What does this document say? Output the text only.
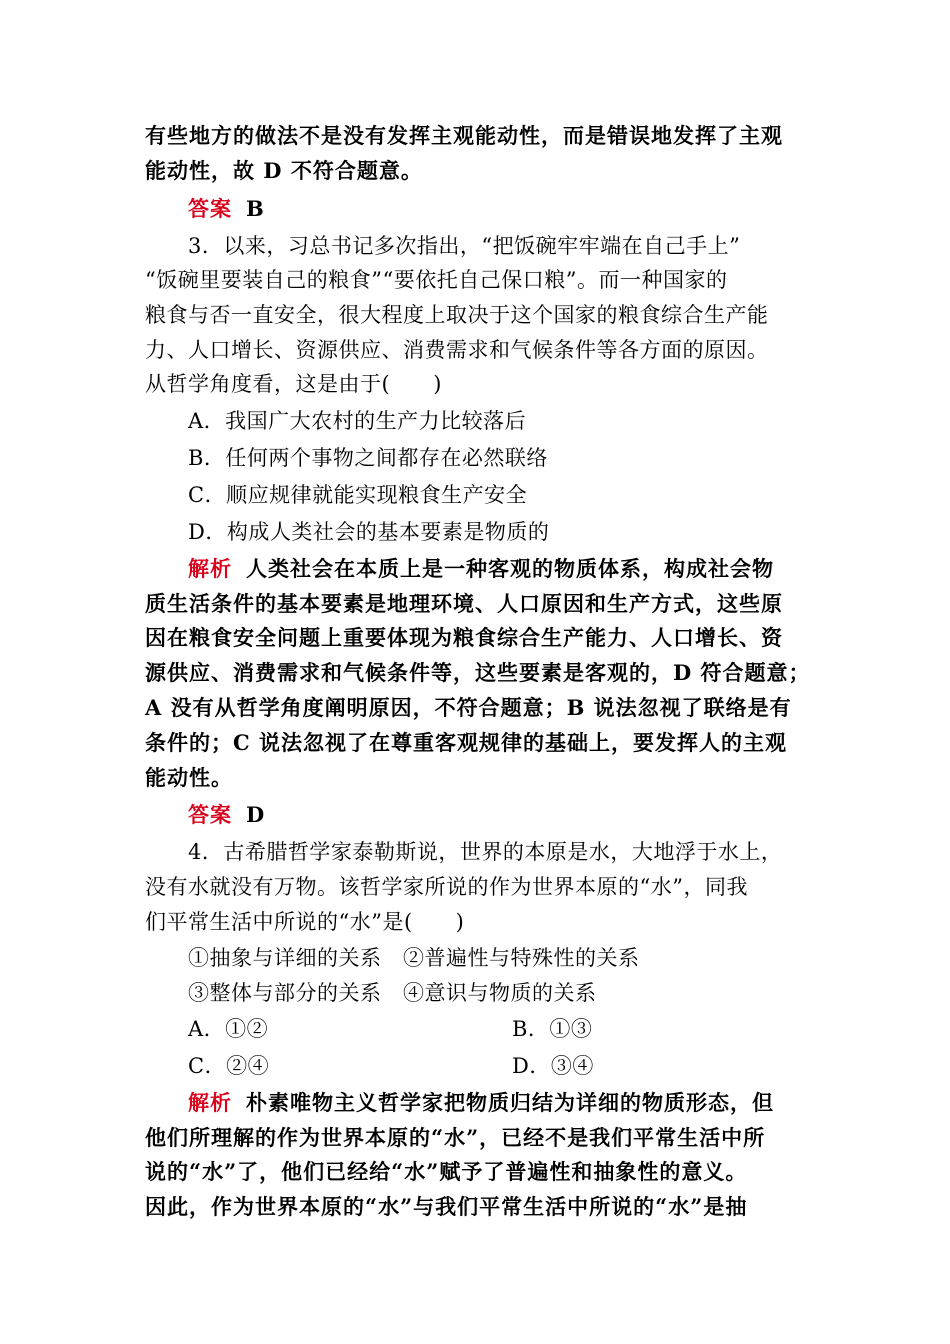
有些地方的做法不是没有发挥主观能动性，而是错误地发挥了主观
能动性，故 D 不符合题意。
答案 B
3．以来，习总书记多次指出，“把饭碗牢牢端在自己手上”
“饭碗里要装自己的粮食”“要依托自己保口粮”。而一种国家的
粮食与否一直安全，很大程度上取决于这个国家的粮食综合生产能
力、人口增长、资源供应、消费需求和气候条件等各方面的原因。
从哲学角度看，这是由于(　　)
A．我国广大农村的生产力比较落后
B．任何两个事物之间都存在必然联络
C．顺应规律就能实现粮食生产安全
D．构成人类社会的基本要素是物质的
解析 人类社会在本质上是一种客观的物质体系，构成社会物
质生活条件的基本要素是地理环境、人口原因和生产方式，这些原
因在粮食安全问题上重要体现为粮食综合生产能力、人口增长、资
源供应、消费需求和气候条件等，这些要素是客观的，D 符合题意；
A 没有从哲学角度阐明原因，不符合题意；B 说法忽视了联络是有
条件的；C 说法忽视了在尊重客观规律的基础上，要发挥人的主观
能动性。
答案 D
4．古希腊哲学家泰勒斯说，世界的本原是水，大地浮于水上，
没有水就没有万物。该哲学家所说的作为世界本原的“水”，同我
们平常生活中所说的“水”是(　　)
①抽象与详细的关系　②普遍性与特殊性的关系
③整体与部分的关系　④意识与物质的关系
A．①②	B．①③
C．②④	D．③④
解析 朴素唯物主义哲学家把物质归结为详细的物质形态，但
他们所理解的作为世界本原的“水”，已经不是我们平常生活中所
说的“水”了，他们已经给“水”赋予了普遍性和抽象性的意义。
因此，作为世界本原的“水”与我们平常生活中所说的“水”是抽
